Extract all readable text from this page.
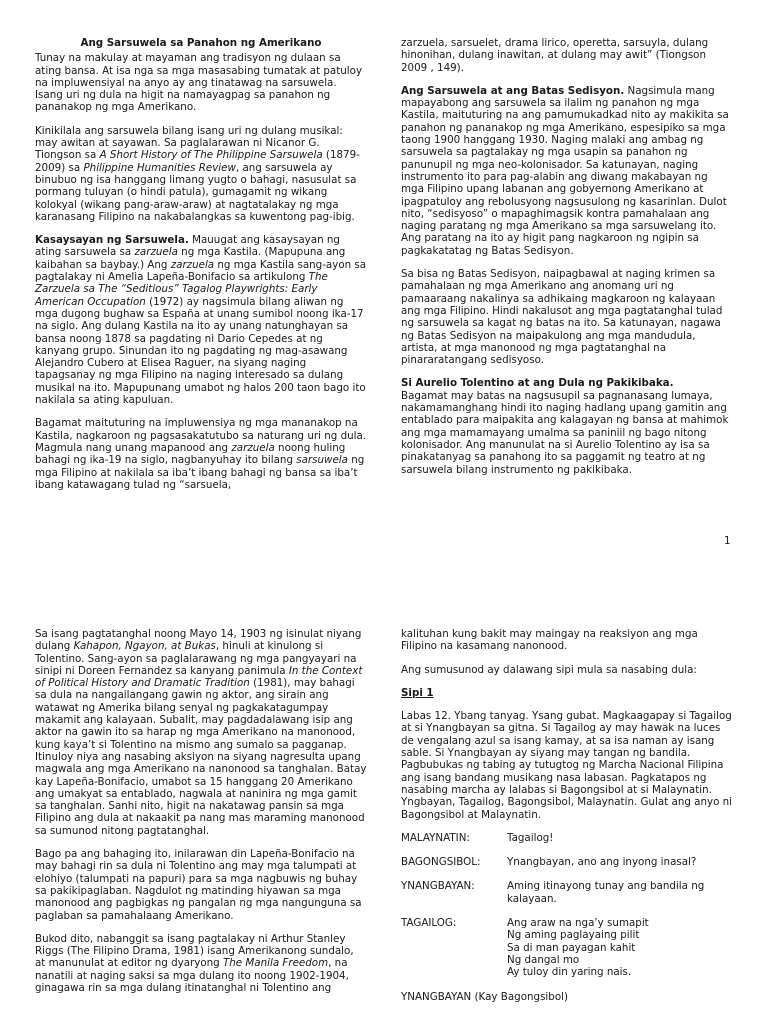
Ang Sarsuwela sa Panahon ng Amerikano

Tunay na makulay at mayaman ang tradisyon ng dulaan sa ating bansa. At isa nga sa mga masasabing tumatak at patuloy na impluwensiyal na anyo ay ang tinatawag na sarsuwela. Isang uri ng dula na higit na namayagpag sa panahon ng pananakop ng mga Amerikano.

Kinikilala ang sarsuwela bilang isang uri ng dulang musikal: may awitan at sayawan. Sa paglalarawan ni Nicanor G. Tiongson sa A Short History of The Philippine Sarsuwela (1879-2009) sa Philippine Humanities Review, ang sarsuwela ay binubuo ng isa hanggang limang yugto o bahagi, nasusulat sa pormang tuluyan (o hindi patula), gumagamit ng wikang kolokyal (wikang pang-araw-araw) at nagtatalakay ng mga karanasang Filipino na nakabalangkas sa kuwentong pag-ibig.

Kasaysayan ng Sarsuwela. Mauugat ang kasaysayan ng ating sarsuwela sa zarzuela ng mga Kastila. (Mapupuna ang kaibahan sa baybay.) Ang zarzuela ng mga Kastila sang-ayon sa pagtalakay ni Amelia Lapeña-Bonifacio sa artikulong The Zarzuela sa The “Seditious” Tagalog Playwrights: Early American Occupation (1972) ay nagsimula bilang aliwan ng mga dugong bughaw sa España at unang sumibol noong ika-17 na siglo. Ang dulang Kastila na ito ay unang natunghayan sa bansa noong 1878 sa pagdating ni Dario Cepedes at ng kanyang grupo. Sinundan ito ng pagdating ng mag-asawang Alejandro Cubero at Elisea Raguer, na siyang naging tapagsanay ng mga Filipino na naging interesado sa dulang musikal na ito. Mapupunang umabot ng halos 200 taon bago ito nakilala sa ating kapuluan.

Bagamat maituturing na impluwensiya ng mga mananakop na Kastila, nagkaroon ng pagsasakatutubo sa naturang uri ng dula. Magmula nang unang mapanood ang zarzuela noong huling bahagi ng ika-19 na siglo, nagbanyuhay ito bilang sarsuwela ng mga Filipino at nakilala sa iba’t ibang bahagi ng bansa sa iba’t ibang katawagang tulad ng “sarsuela,

zarzuela, sarsuelet, drama lirico, operetta, sarsuyla, dulang hinonihan, dulang inawitan, at dulang may awit” (Tiongson 2009 , 149).

Ang Sarsuwela at ang Batas Sedisyon. Nagsimula mang mapayabong ang sarsuwela sa ilalim ng panahon ng mga Kastila, maituturing na ang pamumukadkad nito ay makikita sa panahon ng pananakop ng mga Amerikano, espesipiko sa mga taong 1900 hanggang 1930. Naging malaki ang ambag ng sarsuwela sa pagtalakay ng mga usapin sa panahon ng panunupil ng mga neo-kolonisador. Sa katunayan, naging instrumento ito para pag-alabin ang diwang makabayan ng mga Filipino upang labanan ang gobyernong Amerikano at ipagpatuloy ang rebolusyong nagsusulong ng kasarinlan. Dulot nito, “sedisyoso” o mapaghimagsik kontra pamahalaan ang naging paratang ng mga Amerikano sa mga sarsuwelang ito. Ang paratang na ito ay higit pang nagkaroon ng ngipin sa pagkakatatag ng Batas Sedisyon.

Sa bisa ng Batas Sedisyon, naipagbawal at naging krimen sa pamahalaan ng mga Amerikano ang anomang uri ng pamaaraang nakalinya sa adhikaing magkaroon ng kalayaan ang mga Filipino. Hindi nakalusot ang mga pagtatanghal tulad ng sarsuwela sa kagat ng batas na ito. Sa katunayan, nagawa ng Batas Sedisyon na maipakulong ang mga mandudula, artista, at mga manonood ng mga pagtatanghal na pinararatangang sedisyoso.

Si Aurelio Tolentino at ang Dula ng Pakikibaka.
Bagamat may batas na nagsusupil sa pagnanasang lumaya, nakamamanghang hindi ito naging hadlang upang gamitin ang entablado para maipakita ang kalagayan ng bansa at mahimok ang mga mamamayang umalma sa paniniil ng bago nitong kolonisador. Ang manunulat na si Aurelio Tolentino ay isa sa pinakatanyag sa panahong ito sa paggamit ng teatro at ng sarsuwela bilang instrumento ng pakikibaka.

1

Sa isang pagtatanghal noong Mayo 14, 1903 ng isinulat niyang dulang Kahapon, Ngayon, at Bukas, hinuli at kinulong si Tolentino. Sang-ayon sa paglalarawang ng mga pangyayari na sinipi ni Doreen Fernandez sa kanyang panimula In the Context of Political History and Dramatic Tradition (1981), may bahagi sa dula na nangailangang gawin ng aktor, ang sirain ang watawat ng Amerika bilang senyal ng pagkakatagumpay makamit ang kalayaan. Subalit, may pagdadalawang isip ang aktor na gawin ito sa harap ng mga Amerikano na manonood, kung kaya’t si Tolentino na mismo ang sumalo sa pagganap. Itinuloy niya ang nasabing aksiyon na siyang nagresulta upang magwala ang mga Amerikano na nanonood sa tanghalan. Batay kay Lapeña-Bonifacio, umabot sa 15 hanggang 20 Amerikano ang umakyat sa entablado, nagwala at naninira ng mga gamit sa tanghalan. Sanhi nito, higit na nakatawag pansin sa mga Filipino ang dula at nakaakit pa nang mas maraming manonood sa sumunod nitong pagtatanghal.

Bago pa ang bahaging ito, inilarawan din Lapeña-Bonifacio na may bahagi rin sa dula ni Tolentino ang may mga talumpati at elohiyo (talumpati na papuri) para sa mga nagbuwis ng buhay sa pakikipaglaban. Nagdulot ng matinding hiyawan sa mga manonood ang pagbigkas ng pangalan ng mga nangunguna sa paglaban sa pamahalaang Amerikano.

Bukod dito, nabanggit sa isang pagtalakay ni Arthur Stanley Riggs (The Filipino Drama, 1981) isang Amerikanong sundalo, at manunulat at editor ng dyaryong The Manila Freedom, na nanatili at naging saksi sa mga dulang ito noong 1902-1904, ginagawa rin sa mga dulang itinatanghal ni Tolentino ang

kalituhan kung bakit may maingay na reaksiyon ang mga Filipino na kasamang nanonood.

Ang sumusunod ay dalawang sipi mula sa nasabing dula:

Sipi 1

Labas 12. Ybang tanyag. Ysang gubat. Magkaagapay si Tagailog at si Ynangbayan sa gitna. Si Tagailog ay may hawak na luces de vengalang azul sa isang kamay, at sa isa naman ay isang sable. Si Ynangbayan ay siyang may tangan ng bandila. Pagbubukas ng tabing ay tutugtog ng Marcha Nacional Filipina ang isang bandang musikang nasa labasan. Pagkatapos ng nasabing marcha ay lalabas si Bagongsibol at si Malaynatin.

Yngbayan, Tagailog, Bagongsibol, Malaynatin. Gulat ang anyo ni Bagongsibol at Malaynatin.

MALAYNATIN:	Tagailog!
BAGONGSIBOL:	Ynangbayan, ano ang inyong inasal?
YNANGBAYAN:	Aming itinayong tunay ang bandila ng kalayaan.
TAGAILOG:	Ang araw na nga’y sumapit
Ng aming paglayaing pilit
Sa di man payagan kahit
Ng dangal mo
Ay tuloy din yaring nais.

YNANGBAYAN (Kay Bagongsibol)
